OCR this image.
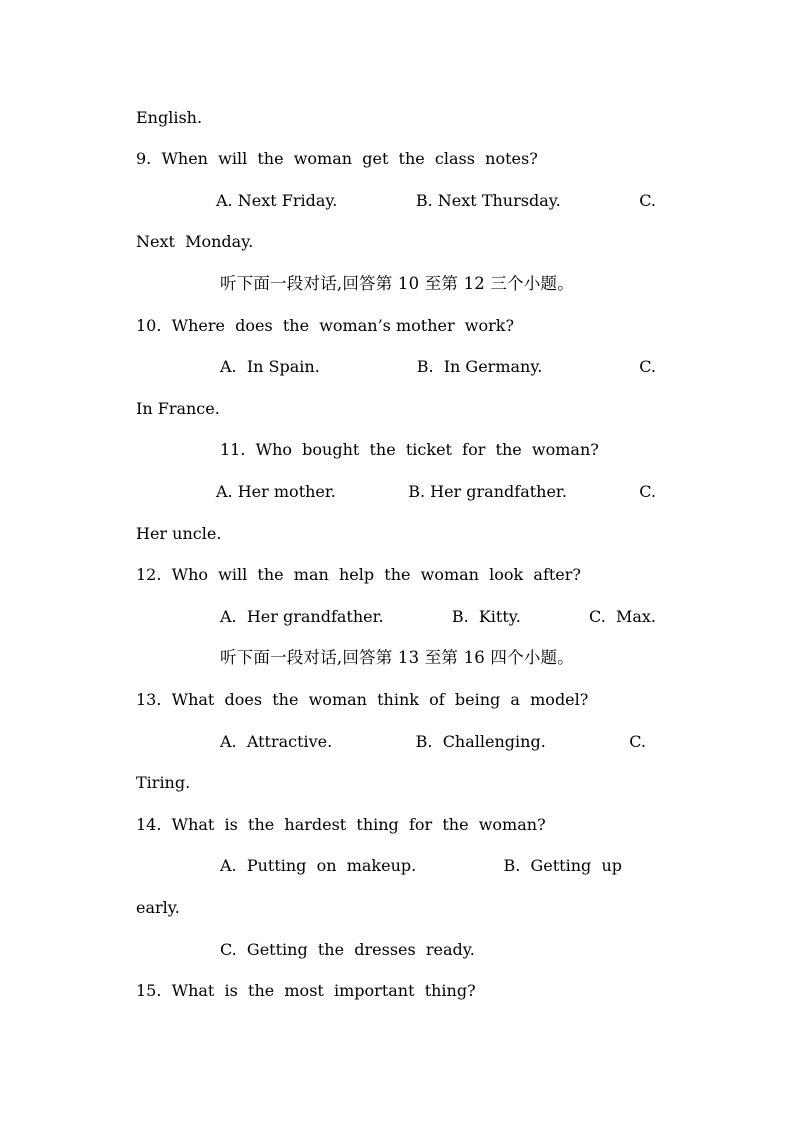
English.
9.  When  will  the  woman  get  the  class  notes?
A. Next Friday.	B. Next Thursday.	C.
Next  Monday.
听下面一段对话,回答第 10 至第 12 三个小题。
10.  Where  does  the  woman’s mother  work?
A.  In Spain.	B.  In Germany.	C.
In France.
11.  Who  bought  the  ticket  for  the  woman?
A. Her mother.	B. Her grandfather.	C.
Her uncle.
12.  Who  will  the  man  help  the  woman  look  after?
A.  Her grandfather.	B.  Kitty.	C.  Max.
听下面一段对话,回答第 13 至第 16 四个小题。
13.  What  does  the  woman  think  of  being  a  model?
A.  Attractive.	B.  Challenging.	C.
Tiring.
14.  What  is  the  hardest  thing  for  the  woman?
A.  Putting  on  makeup.	B.  Getting  up
early.
C.  Getting  the  dresses  ready.
15.  What  is  the  most  important  thing?
